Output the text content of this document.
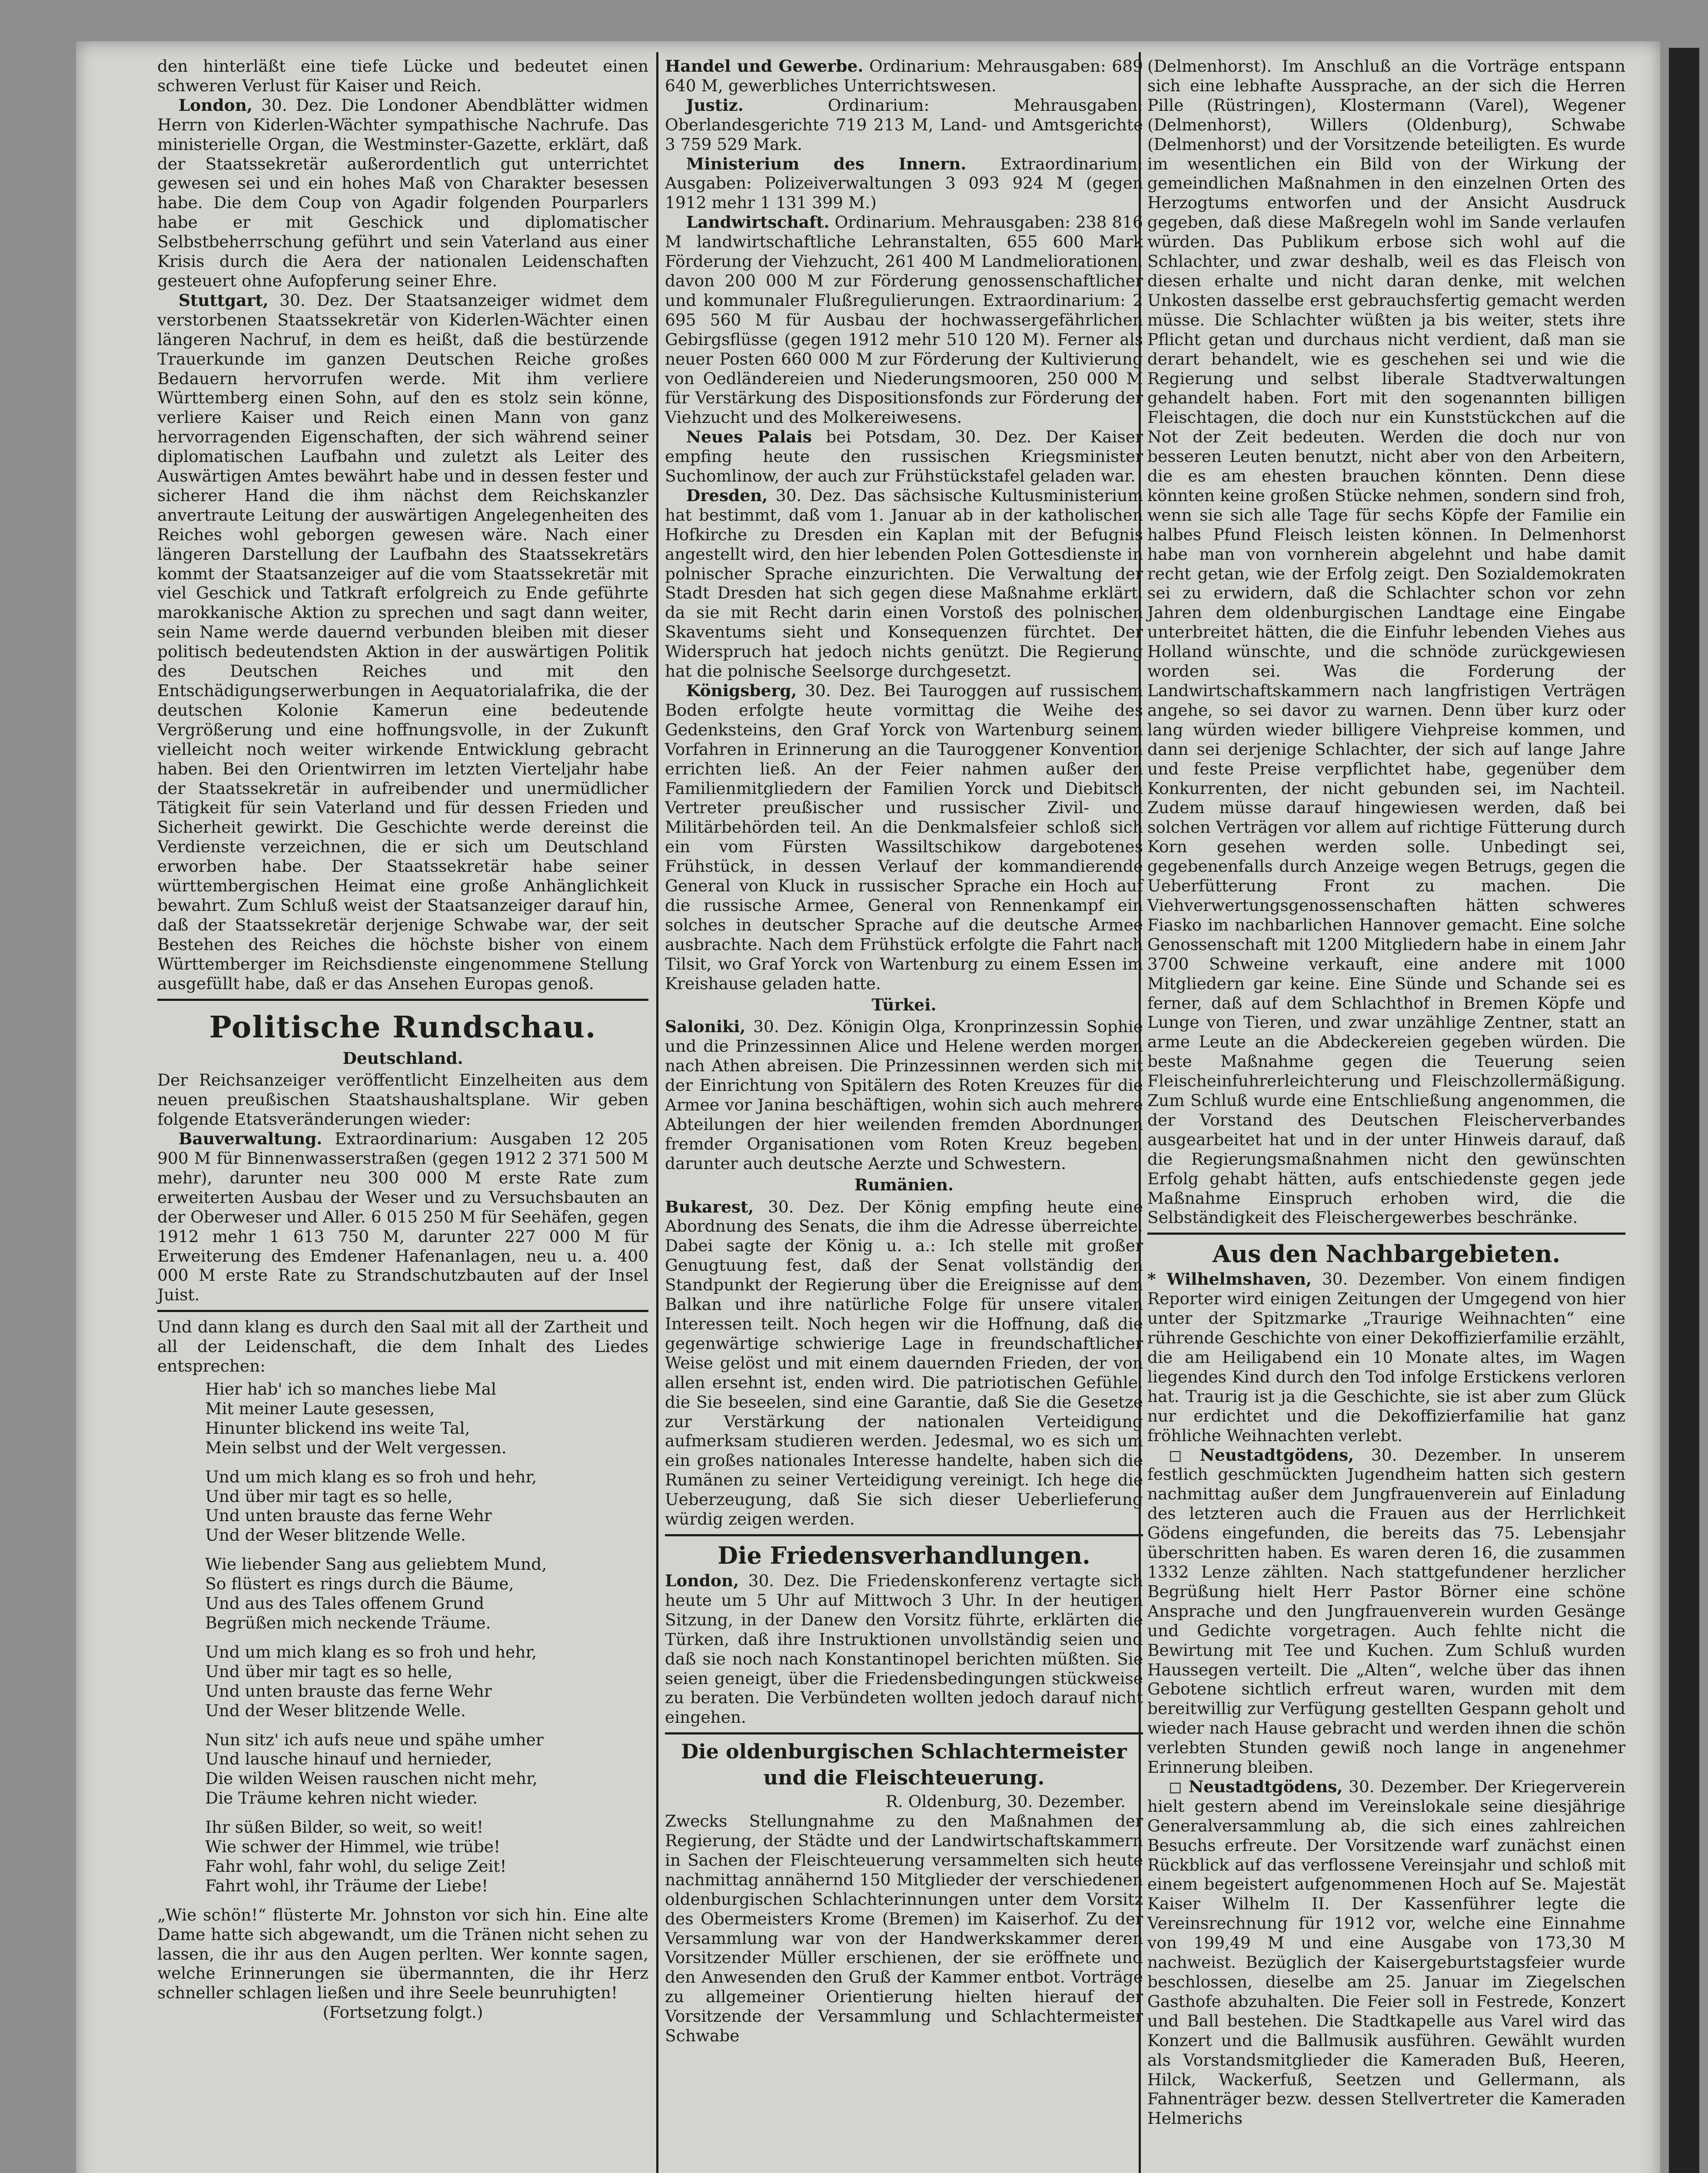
den hinterläßt eine tiefe Lücke und bedeutet einen schweren Verlust für Kaiser und Reich.

London, 30. Dez. Die Londoner Abendblätter widmen Herrn von Kiderlen-Wächter sympathische Nachrufe. Das ministerielle Organ, die Westminster-Gazette, erklärt, daß der Staatssekretär außerordentlich gut unterrichtet gewesen sei und ein hohes Maß von Charakter besessen habe. Die dem Coup von Agadir folgenden Pourparlers habe er mit Geschick und diplomatischer Selbstbeherrschung geführt und sein Vaterland aus einer Krisis durch die Aera der nationalen Leidenschaften gesteuert ohne Aufopferung seiner Ehre.

Stuttgart, 30. Dez. Der Staatsanzeiger widmet dem verstorbenen Staatssekretär von Kiderlen-Wächter einen längeren Nachruf, in dem es heißt, daß die bestürzende Trauerkunde im ganzen Deutschen Reiche großes Bedauern hervorrufen werde. Mit ihm verliere Württemberg einen Sohn, auf den es stolz sein könne, verliere Kaiser und Reich einen Mann von ganz hervorragenden Eigenschaften, der sich während seiner diplomatischen Laufbahn und zuletzt als Leiter des Auswärtigen Amtes bewährt habe und in dessen fester und sicherer Hand die ihm nächst dem Reichskanzler anvertraute Leitung der auswärtigen Angelegenheiten des Reiches wohl geborgen gewesen wäre. Nach einer längeren Darstellung der Laufbahn des Staatssekretärs kommt der Staatsanzeiger auf die vom Staatssekretär mit viel Geschick und Tatkraft erfolgreich zu Ende geführte marokkanische Aktion zu sprechen und sagt dann weiter, sein Name werde dauernd verbunden bleiben mit dieser politisch bedeutendsten Aktion in der auswärtigen Politik des Deutschen Reiches und mit den Entschädigungserwerbungen in Aequatorialafrika, die der deutschen Kolonie Kamerun eine bedeutende Vergrößerung und eine hoffnungsvolle, in der Zukunft vielleicht noch weiter wirkende Entwicklung gebracht haben. Bei den Orientwirren im letzten Vierteljahr habe der Staatssekretär in aufreibender und unermüdlicher Tätigkeit für sein Vaterland und für dessen Frieden und Sicherheit gewirkt. Die Geschichte werde dereinst die Verdienste verzeichnen, die er sich um Deutschland erworben habe. Der Staatssekretär habe seiner württembergischen Heimat eine große Anhänglichkeit bewahrt. Zum Schluß weist der Staatsanzeiger darauf hin, daß der Staatssekretär derjenige Schwabe war, der seit Bestehen des Reiches die höchste bisher von einem Württemberger im Reichsdienste eingenommene Stellung ausgefüllt habe, daß er das Ansehen Europas genoß.

Politische Rundschau.
Deutschland.

Der Reichsanzeiger veröffentlicht Einzelheiten aus dem neuen preußischen Staatshaushaltsplane. Wir geben folgende Etatsveränderungen wieder:

Bauverwaltung. Extraordinarium: Ausgaben 12 205 900 M für Binnenwasserstraßen (gegen 1912 2 371 500 M mehr), darunter neu 300 000 M erste Rate zum erweiterten Ausbau der Weser und zu Versuchsbauten an der Oberweser und Aller. 6 015 250 M für Seehäfen, gegen 1912 mehr 1 613 750 M, darunter 227 000 M für Erweiterung des Emdener Hafenanlagen, neu u. a. 400 000 M erste Rate zu Strandschutzbauten auf der Insel Juist.

Und dann klang es durch den Saal mit all der Zartheit und all der Leidenschaft, die dem Inhalt des Liedes entsprechen:

Hier hab' ich so manches liebe Mal
Mit meiner Laute gesessen,
Hinunter blickend ins weite Tal,
Mein selbst und der Welt vergessen.
Und um mich klang es so froh und hehr,
Und über mir tagt es so helle,
Und unten brauste das ferne Wehr
Und der Weser blitzende Welle.
Wie liebender Sang aus geliebtem Mund,
So flüstert es rings durch die Bäume,
Und aus des Tales offenem Grund
Begrüßen mich neckende Träume.
Und um mich klang es so froh und hehr,
Und über mir tagt es so helle,
Und unten brauste das ferne Wehr
Und der Weser blitzende Welle.
Nun sitz' ich aufs neue und spähe umher
Und lausche hinauf und hernieder,
Die wilden Weisen rauschen nicht mehr,
Die Träume kehren nicht wieder.
Ihr süßen Bilder, so weit, so weit!
Wie schwer der Himmel, wie trübe!
Fahr wohl, fahr wohl, du selige Zeit!
Fahrt wohl, ihr Träume der Liebe!

„Wie schön!“ flüsterte Mr. Johnston vor sich hin. Eine alte Dame hatte sich abgewandt, um die Tränen nicht sehen zu lassen, die ihr aus den Augen perlten. Wer konnte sagen, welche Erinnerungen sie übermannten, die ihr Herz schneller schlagen ließen und ihre Seele beunruhigten!

(Fortsetzung folgt.)

Handel und Gewerbe. Ordinarium: Mehrausgaben: 689 640 M, gewerbliches Unterrichtswesen.

Justiz. Ordinarium: Mehrausgaben: Oberlandesgerichte 719 213 M, Land- und Amtsgerichte 3 759 529 Mark.

Ministerium des Innern. Extraordinarium: Ausgaben: Polizeiverwaltungen 3 093 924 M (gegen 1912 mehr 1 131 399 M.)

Landwirtschaft. Ordinarium. Mehrausgaben: 238 816 M landwirtschaftliche Lehranstalten, 655 600 Mark Förderung der Viehzucht, 261 400 M Landmeliorationen, davon 200 000 M zur Förderung genossenschaftlicher und kommunaler Flußregulierungen. Extraordinarium: 2 695 560 M für Ausbau der hochwassergefährlichen Gebirgsflüsse (gegen 1912 mehr 510 120 M). Ferner als neuer Posten 660 000 M zur Förderung der Kultivierung von Oedländereien und Niederungsmooren, 250 000 M für Verstärkung des Dispositionsfonds zur Förderung der Viehzucht und des Molkereiwesens.

Neues Palais bei Potsdam, 30. Dez. Der Kaiser empfing heute den russischen Kriegsminister Suchomlinow, der auch zur Frühstückstafel geladen war.

Dresden, 30. Dez. Das sächsische Kultusministerium hat bestimmt, daß vom 1. Januar ab in der katholischen Hofkirche zu Dresden ein Kaplan mit der Befugnis angestellt wird, den hier lebenden Polen Gottesdienste in polnischer Sprache einzurichten. Die Verwaltung der Stadt Dresden hat sich gegen diese Maßnahme erklärt, da sie mit Recht darin einen Vorstoß des polnischen Skaventums sieht und Konsequenzen fürchtet. Der Widerspruch hat jedoch nichts genützt. Die Regierung hat die polnische Seelsorge durchgesetzt.

Königsberg, 30. Dez. Bei Tauroggen auf russischem Boden erfolgte heute vormittag die Weihe des Gedenksteins, den Graf Yorck von Wartenburg seinem Vorfahren in Erinnerung an die Tauroggener Konvention errichten ließ. An der Feier nahmen außer den Familienmitgliedern der Familien Yorck und Diebitsch Vertreter preußischer und russischer Zivil- und Militärbehörden teil. An die Denkmalsfeier schloß sich ein vom Fürsten Wassiltschikow dargebotenes Frühstück, in dessen Verlauf der kommandierende General von Kluck in russischer Sprache ein Hoch auf die russische Armee, General von Rennenkampf ein solches in deutscher Sprache auf die deutsche Armee ausbrachte. Nach dem Frühstück erfolgte die Fahrt nach Tilsit, wo Graf Yorck von Wartenburg zu einem Essen im Kreishause geladen hatte.

Türkei.

Saloniki, 30. Dez. Königin Olga, Kronprinzessin Sophie und die Prinzessinnen Alice und Helene werden morgen nach Athen abreisen. Die Prinzessinnen werden sich mit der Einrichtung von Spitälern des Roten Kreuzes für die Armee vor Janina beschäftigen, wohin sich auch mehrere Abteilungen der hier weilenden fremden Abordnungen fremder Organisationen vom Roten Kreuz begeben, darunter auch deutsche Aerzte und Schwestern.

Rumänien.

Bukarest, 30. Dez. Der König empfing heute eine Abordnung des Senats, die ihm die Adresse überreichte. Dabei sagte der König u. a.: Ich stelle mit großer Genugtuung fest, daß der Senat vollständig den Standpunkt der Regierung über die Ereignisse auf dem Balkan und ihre natürliche Folge für unsere vitalen Interessen teilt. Noch hegen wir die Hoffnung, daß die gegenwärtige schwierige Lage in freundschaftlicher Weise gelöst und mit einem dauernden Frieden, der von allen ersehnt ist, enden wird. Die patriotischen Gefühle, die Sie beseelen, sind eine Garantie, daß Sie die Gesetze zur Verstärkung der nationalen Verteidigung aufmerksam studieren werden. Jedesmal, wo es sich um ein großes nationales Interesse handelte, haben sich die Rumänen zu seiner Verteidigung vereinigt. Ich hege die Ueberzeugung, daß Sie sich dieser Ueberlieferung würdig zeigen werden.

Die Friedensverhandlungen.

London, 30. Dez. Die Friedenskonferenz vertagte sich heute um 5 Uhr auf Mittwoch 3 Uhr. In der heutigen Sitzung, in der Danew den Vorsitz führte, erklärten die Türken, daß ihre Instruktionen unvollständig seien und daß sie noch nach Konstantinopel berichten müßten. Sie seien geneigt, über die Friedensbedingungen stückweise zu beraten. Die Verbündeten wollten jedoch darauf nicht eingehen.

Die oldenburgischen Schlachtermeister
und die Fleischteuerung.
R. Oldenburg, 30. Dezember.

Zwecks Stellungnahme zu den Maßnahmen der Regierung, der Städte und der Landwirtschaftskammern in Sachen der Fleischteuerung versammelten sich heute nachmittag annähernd 150 Mitglieder der verschiedenen oldenburgischen Schlachterinnungen unter dem Vorsitz des Obermeisters Krome (Bremen) im Kaiserhof. Zu der Versammlung war von der Handwerkskammer deren Vorsitzender Müller erschienen, der sie eröffnete und den Anwesenden den Gruß der Kammer entbot. Vorträge zu allgemeiner Orientierung hielten hierauf der Vorsitzende der Versammlung und Schlachtermeister Schwabe

(Delmenhorst). Im Anschluß an die Vorträge entspann sich eine lebhafte Aussprache, an der sich die Herren Pille (Rüstringen), Klostermann (Varel), Wegener (Delmenhorst), Willers (Oldenburg), Schwabe (Delmenhorst) und der Vorsitzende beteiligten. Es wurde im wesentlichen ein Bild von der Wirkung der gemeindlichen Maßnahmen in den einzelnen Orten des Herzogtums entworfen und der Ansicht Ausdruck gegeben, daß diese Maßregeln wohl im Sande verlaufen würden. Das Publikum erbose sich wohl auf die Schlachter, und zwar deshalb, weil es das Fleisch von diesen erhalte und nicht daran denke, mit welchen Unkosten dasselbe erst gebrauchsfertig gemacht werden müsse. Die Schlachter wüßten ja bis weiter, stets ihre Pflicht getan und durchaus nicht verdient, daß man sie derart behandelt, wie es geschehen sei und wie die Regierung und selbst liberale Stadtverwaltungen gehandelt haben. Fort mit den sogenannten billigen Fleischtagen, die doch nur ein Kunststückchen auf die Not der Zeit bedeuten. Werden die doch nur von besseren Leuten benutzt, nicht aber von den Arbeitern, die es am ehesten brauchen könnten. Denn diese könnten keine großen Stücke nehmen, sondern sind froh, wenn sie sich alle Tage für sechs Köpfe der Familie ein halbes Pfund Fleisch leisten können. In Delmenhorst habe man von vornherein abgelehnt und habe damit recht getan, wie der Erfolg zeigt. Den Sozialdemokraten sei zu erwidern, daß die Schlachter schon vor zehn Jahren dem oldenburgischen Landtage eine Eingabe unterbreitet hätten, die die Einfuhr lebenden Viehes aus Holland wünschte, und die schnöde zurückgewiesen worden sei. Was die Forderung der Landwirtschaftskammern nach langfristigen Verträgen angehe, so sei davor zu warnen. Denn über kurz oder lang würden wieder billigere Viehpreise kommen, und dann sei derjenige Schlachter, der sich auf lange Jahre und feste Preise verpflichtet habe, gegenüber dem Konkurrenten, der nicht gebunden sei, im Nachteil. Zudem müsse darauf hingewiesen werden, daß bei solchen Verträgen vor allem auf richtige Fütterung durch Korn gesehen werden solle. Unbedingt sei, gegebenenfalls durch Anzeige wegen Betrugs, gegen die Ueberfütterung Front zu machen. Die Viehverwertungsgenossenschaften hätten schweres Fiasko im nachbarlichen Hannover gemacht. Eine solche Genossenschaft mit 1200 Mitgliedern habe in einem Jahr 3700 Schweine verkauft, eine andere mit 1000 Mitgliedern gar keine. Eine Sünde und Schande sei es ferner, daß auf dem Schlachthof in Bremen Köpfe und Lunge von Tieren, und zwar unzählige Zentner, statt an arme Leute an die Abdeckereien gegeben würden. Die beste Maßnahme gegen die Teuerung seien Fleischeinfuhrerleichterung und Fleischzollermäßigung. Zum Schluß wurde eine Entschließung angenommen, die der Vorstand des Deutschen Fleischerverbandes ausgearbeitet hat und in der unter Hinweis darauf, daß die Regierungsmaßnahmen nicht den gewünschten Erfolg gehabt hätten, aufs entschiedenste gegen jede Maßnahme Einspruch erhoben wird, die die Selbständigkeit des Fleischergewerbes beschränke.

Aus den Nachbargebieten.

* Wilhelmshaven, 30. Dezember. Von einem findigen Reporter wird einigen Zeitungen der Umgegend von hier unter der Spitzmarke „Traurige Weihnachten“ eine rührende Geschichte von einer Dekoffizierfamilie erzählt, die am Heiligabend ein 10 Monate altes, im Wagen liegendes Kind durch den Tod infolge Erstickens verloren hat. Traurig ist ja die Geschichte, sie ist aber zum Glück nur erdichtet und die Dekoffizierfamilie hat ganz fröhliche Weihnachten verlebt.

◻ Neustadtgödens, 30. Dezember. In unserem festlich geschmückten Jugendheim hatten sich gestern nachmittag außer dem Jungfrauenverein auf Einladung des letzteren auch die Frauen aus der Herrlichkeit Gödens eingefunden, die bereits das 75. Lebensjahr überschritten haben. Es waren deren 16, die zusammen 1332 Lenze zählten. Nach stattgefundener herzlicher Begrüßung hielt Herr Pastor Börner eine schöne Ansprache und den Jungfrauenverein wurden Gesänge und Gedichte vorgetragen. Auch fehlte nicht die Bewirtung mit Tee und Kuchen. Zum Schluß wurden Haussegen verteilt. Die „Alten“, welche über das ihnen Gebotene sichtlich erfreut waren, wurden mit dem bereitwillig zur Verfügung gestellten Gespann geholt und wieder nach Hause gebracht und werden ihnen die schön verlebten Stunden gewiß noch lange in angenehmer Erinnerung bleiben.

◻ Neustadtgödens, 30. Dezember. Der Kriegerverein hielt gestern abend im Vereinslokale seine diesjährige Generalversammlung ab, die sich eines zahlreichen Besuchs erfreute. Der Vorsitzende warf zunächst einen Rückblick auf das verflossene Vereinsjahr und schloß mit einem begeistert aufgenommenen Hoch auf Se. Majestät Kaiser Wilhelm II. Der Kassenführer legte die Vereinsrechnung für 1912 vor, welche eine Einnahme von 199,49 M und eine Ausgabe von 173,30 M nachweist. Bezüglich der Kaisergeburtstagsfeier wurde beschlossen, dieselbe am 25. Januar im Ziegelschen Gasthofe abzuhalten. Die Feier soll in Festrede, Konzert und Ball bestehen. Die Stadtkapelle aus Varel wird das Konzert und die Ballmusik ausführen. Gewählt wurden als Vorstandsmitglieder die Kameraden Buß, Heeren, Hilck, Wackerfuß, Seetzen und Gellermann, als Fahnenträger bezw. dessen Stellvertreter die Kameraden Helmerichs
